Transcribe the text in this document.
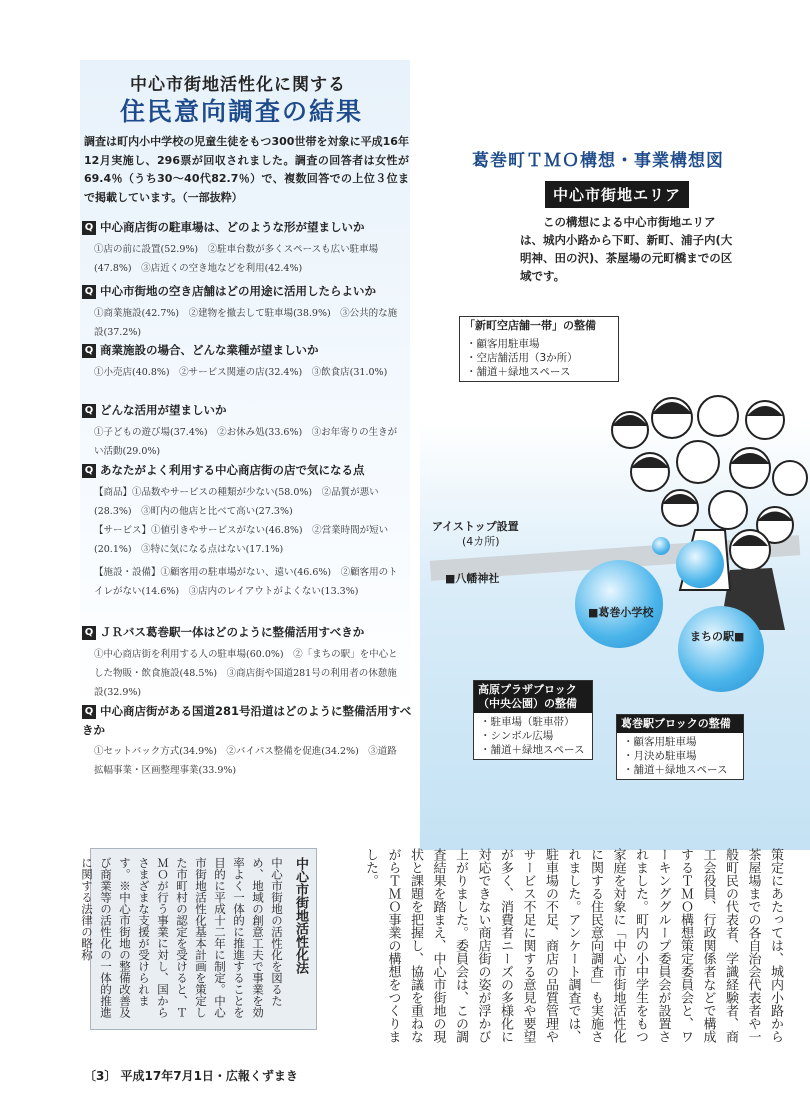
中心市街地活性化に関する
住民意向調査の結果
調査は町内小中学校の児童生徒をもつ300世帯を対象に平成16年12月実施し、296票が回収されました。調査の回答者は女性が69.4％（うち30～40代82.7％）で、複数回答での上位３位まで掲載しています。（一部抜粋）
Q 中心商店街の駐車場は、どのような形が望ましいか
①店の前に設置(52.9%)　②駐車台数が多くスペースも広い駐車場(47.8%)　③店近くの空き地などを利用(42.4%)
Q 中心市街地の空き店舗はどの用途に活用したらよいか
①商業施設(42.7%)　②建物を撤去して駐車場(38.9%)　③公共的な施設(37.2%)
Q 商業施設の場合、どんな業種が望ましいか
①小売店(40.8%)　②サービス関連の店(32.4%)　③飲食店(31.0%)
Q どんな活用が望ましいか
①子どもの遊び場(37.4%)　②お休み処(33.6%)　③お年寄りの生きがい活動(29.0%)
Q あなたがよく利用する中心商店街の店で気になる点
【商品】①品数やサービスの種類が少ない(58.0%)　②品質が悪い(28.3%)　③町内の他店と比べて高い(27.3%)
【サービス】①値引きやサービスがない(46.8%)　②営業時間が短い(20.1%)　③特に気になる点はない(17.1%)
【施設・設備】①顧客用の駐車場がない、遠い(46.6%)　②顧客用のトイレがない(14.6%)　③店内のレイアウトがよくない(13.3%)
Q ＪＲバス葛巻駅一体はどのように整備活用すべきか
①中心商店街を利用する人の駐車場(60.0%)　②「まちの駅」を中心とした物販・飲食施設(48.5%)　③商店街や国道281号の利用者の休憩施設(32.9%)
Q 中心商店街がある国道281号沿道はどのように整備活用すべきか
①セットバック方式(34.9%)　②バイパス整備を促進(34.2%)　③道路拡幅事業・区画整理事業(33.9%)
葛巻町ＴＭＯ構想・事業構想図
中心市街地エリア
この構想による中心市街地エリアは、城内小路から下町、新町、浦子内(大明神、田の沢)、茶屋場の元町橋までの区域です。
「新町空店舗一帯」の整備
・顧客用駐車場
・空店舗活用（3か所）
・舗道＋緑地スペース
アイストップ設置
(4カ所)
■八幡神社
■葛巻小学校
まちの駅■
高原プラザブロック
（中央公園）の整備
・駐車場（駐車帯）
・シンボル広場
・舗道＋緑地スペース
葛巻駅ブロックの整備
・顧客用駐車場
・月決め駐車場
・舗道＋緑地スペース
中心市街地活性化法
中心市街地の活性化を図るため、地域の創意工夫で事業を効率よく一体的に推進することを目的に平成十二年に制定。中心市街地活性化基本計画を策定した市町村の認定を受けると、ＴＭＯが行う事業に対し、国からさまざまな支援が受けられます。※中心市街地の整備改善及び商業等の活性化の一体的推進に関する法律の略称	策定にあたっては、城内小路から茶屋場までの各自治会代表者や一般町民の代表者、学識経験者、商工会役員、行政関係者などで構成するＴＭＯ構想策定委員会と、ワーキンググループ委員会が設置されました。町内の小中学生をもつ家庭を対象に「中心市街地活性化に関する住民意向調査」も実施されました。アンケート調査では、駐車場の不足、商店の品質管理やサービス不足に関する意見や要望が多く、消費者ニーズの多様化に対応できない商店街の姿が浮かび上がりました。委員会は、この調査結果を踏まえ、中心市街地の現状と課題を把握し、協議を重ねながらＴＭＯ事業の構想をつくりました。
〔3〕 平成17年7月1日・広報くずまき
